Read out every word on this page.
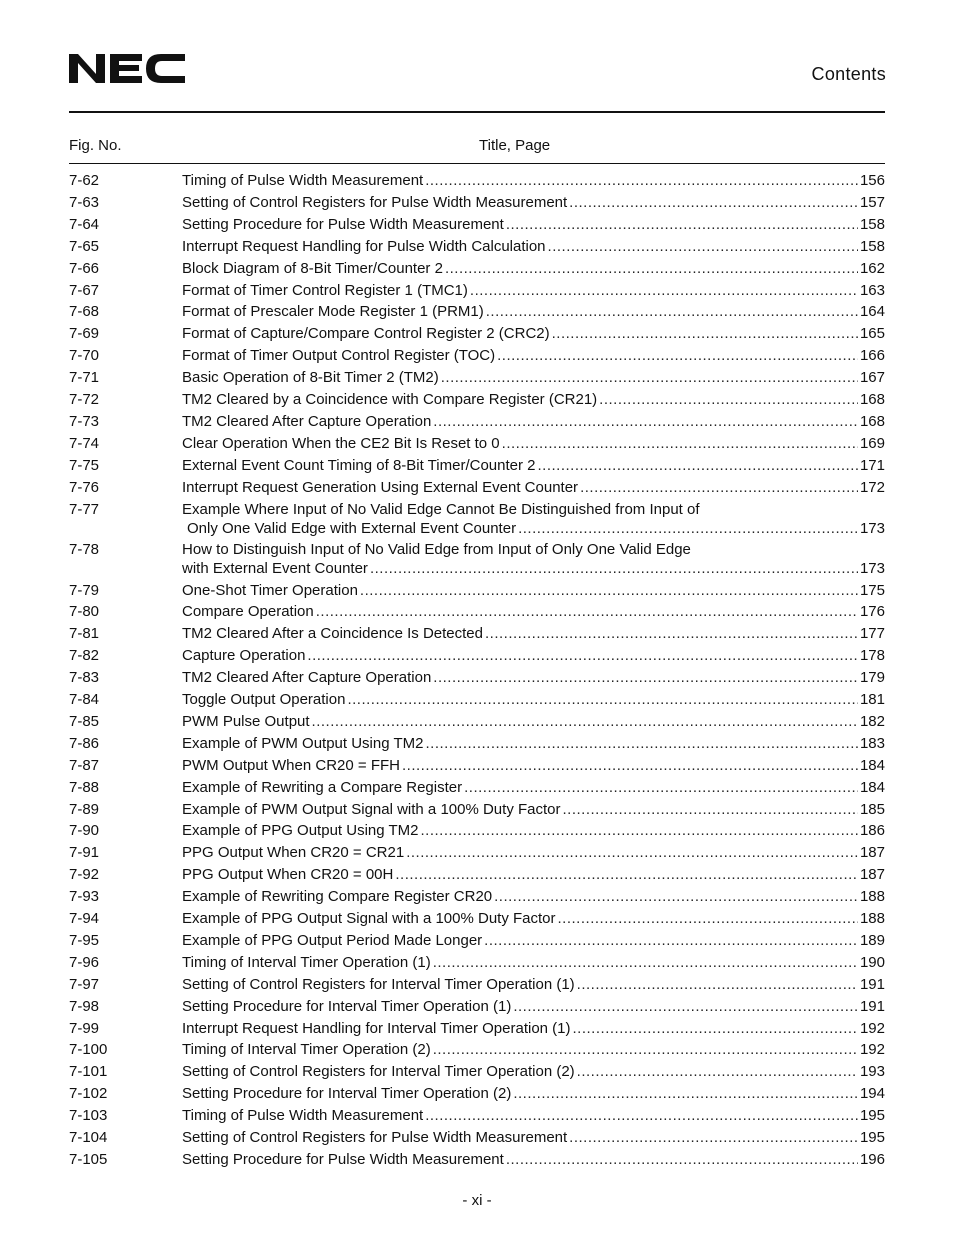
Contents
Fig. No.	Title, Page
7-62	Timing of Pulse Width Measurement .....	156
7-63	Setting of Control Registers for Pulse Width Measurement .....	157
7-64	Setting Procedure for Pulse Width Measurement .....	158
7-65	Interrupt Request Handling for Pulse Width Calculation .....	158
7-66	Block Diagram of 8-Bit Timer/Counter 2 .....	162
7-67	Format of Timer Control Register 1 (TMC1) .....	163
7-68	Format of Prescaler Mode Register 1 (PRM1) .....	164
7-69	Format of Capture/Compare Control Register 2 (CRC2) .....	165
7-70	Format of Timer Output Control Register (TOC) .....	166
7-71	Basic Operation of 8-Bit Timer 2 (TM2) .....	167
7-72	TM2 Cleared by a Coincidence with Compare Register (CR21) .....	168
7-73	TM2 Cleared After Capture Operation .....	168
7-74	Clear Operation When the CE2 Bit Is Reset to 0 .....	169
7-75	External Event Count Timing of 8-Bit Timer/Counter 2 .....	171
7-76	Interrupt Request Generation Using External Event Counter .....	172
7-77	Example Where Input of No Valid Edge Cannot Be Distinguished from Input of
Only One Valid Edge with External Event Counter .....	173
7-78	How to Distinguish Input of No Valid Edge from Input of Only One Valid Edge
with External Event Counter .....	173
7-79	One-Shot Timer Operation .....	175
7-80	Compare Operation .....	176
7-81	TM2 Cleared After a Coincidence Is Detected .....	177
7-82	Capture Operation .....	178
7-83	TM2 Cleared After Capture Operation .....	179
7-84	Toggle Output Operation .....	181
7-85	PWM Pulse Output .....	182
7-86	Example of PWM Output Using TM2 .....	183
7-87	PWM Output When CR20 = FFH .....	184
7-88	Example of Rewriting a Compare Register .....	184
7-89	Example of PWM Output Signal with a 100% Duty Factor .....	185
7-90	Example of PPG Output Using TM2 .....	186
7-91	PPG Output When CR20 = CR21 .....	187
7-92	PPG Output When CR20 = 00H .....	187
7-93	Example of Rewriting Compare Register CR20 .....	188
7-94	Example of PPG Output Signal with a 100% Duty Factor .....	188
7-95	Example of PPG Output Period Made Longer .....	189
7-96	Timing of Interval Timer Operation (1) .....	190
7-97	Setting of Control Registers for Interval Timer Operation (1) .....	191
7-98	Setting Procedure for Interval Timer Operation (1) .....	191
7-99	Interrupt Request Handling for Interval Timer Operation (1) .....	192
7-100	Timing of Interval Timer Operation (2) .....	192
7-101	Setting of Control Registers for Interval Timer Operation (2) .....	193
7-102	Setting Procedure for Interval Timer Operation (2) .....	194
7-103	Timing of Pulse Width Measurement .....	195
7-104	Setting of Control Registers for Pulse Width Measurement .....	195
7-105	Setting Procedure for Pulse Width Measurement .....	196
- xi -
